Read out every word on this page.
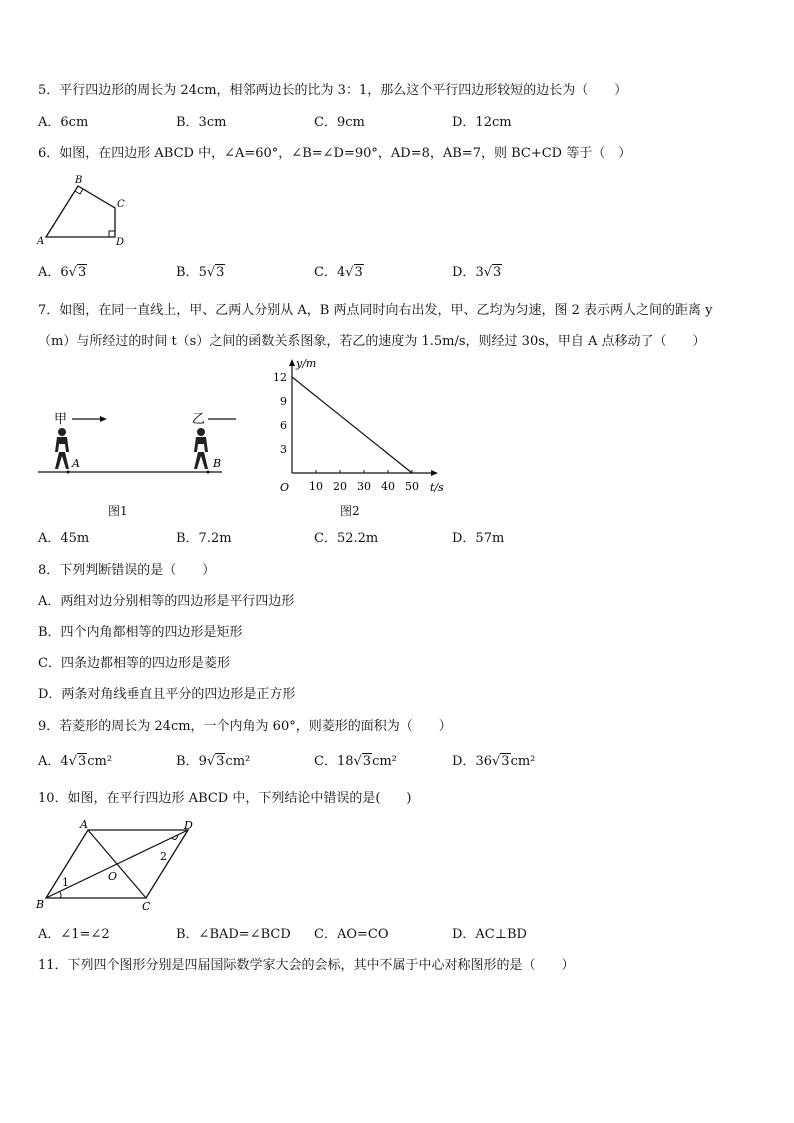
5．平行四边形的周长为 24cm，相邻两边长的比为 3：1，那么这个平行四边形较短的边长为（　　）
A．6cm	B．3cm	C．9cm	D．12cm
6．如图，在四边形 ABCD 中，∠A=60°，∠B=∠D=90°，AD=8，AB=7，则 BC+CD 等于（　）
A
B
C
D
A．6√3	B．5√3	C．4√3	D．3√3
7．如图，在同一直线上，甲、乙两人分别从 A，B 两点同时向右出发，甲、乙均为匀速，图 2 表示两人之间的距离 y
（m）与所经过的时间 t（s）之间的函数关系图象，若乙的速度为 1.5m/s，则经过 30s，甲自 A 点移动了（　　）
甲	乙
A	B
图1
10 20 30 40 50
3
6
9
12
O	t/s
y/m
图2
A．45m	B．7.2m	C．52.2m	D．57m
8．下列判断错误的是（　　）
A．两组对边分别相等的四边形是平行四边形
B．四个内角都相等的四边形是矩形
C．四条边都相等的四边形是菱形
D．两条对角线垂直且平分的四边形是正方形
9．若菱形的周长为 24cm，一个内角为 60°，则菱形的面积为（　　）
A．4√3cm²	B．9√3cm²	C．18√3cm²	D．36√3cm²
10．如图，在平行四边形 ABCD 中，下列结论中错误的是(　　)
A	D
B	C
O
1
2
A．∠1=∠2	B．∠BAD=∠BCD C．AO=CO	D．AC⊥BD
11．下列四个图形分别是四届国际数学家大会的会标，其中不属于中心对称图形的是（　　）
